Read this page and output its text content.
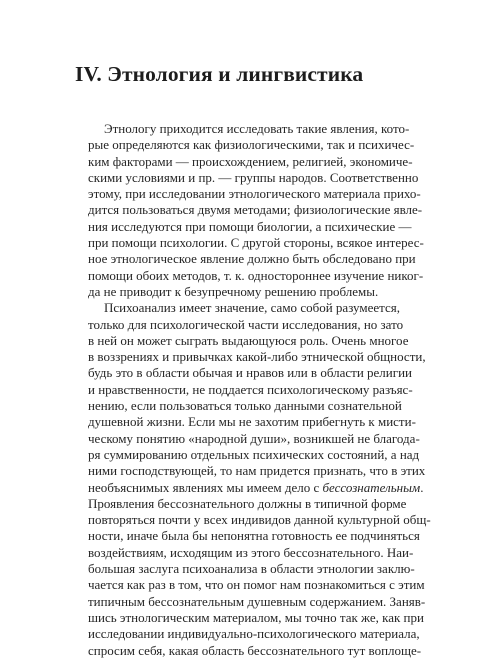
IV. Этнология и лингвистика
Этнологу приходится исследовать такие явления, кото-
рые определяются как физиологическими, так и психичес-
ким факторами — происхождением, религией, экономиче-
скими условиями и пр. — группы народов. Соответственно
этому, при исследовании этнологического материала прихо-
дится пользоваться двумя методами; физиологические явле-
ния исследуются при помощи биологии, а психические —
при помощи психологии. С другой стороны, всякое интерес-
ное этнологическое явление должно быть обследовано при
помощи обоих методов, т. к. одностороннее изучение никог-
да не приводит к безупречному решению проблемы.
Психоанализ имеет значение, само собой разумеется,
только для психологической части исследования, но зато
в ней он может сыграть выдающуюся роль. Очень многое
в воззрениях и привычках какой-либо этнической общности,
будь это в области обычая и нравов или в области религии
и нравственности, не поддается психологическому разъяс-
нению, если пользоваться только данными сознательной
душевной жизни. Если мы не захотим прибегнуть к мисти-
ческому понятию «народной души», возникшей не благода-
ря суммированию отдельных психических состояний, а над
ними господствующей, то нам придется признать, что в этих
необъяснимых явлениях мы имеем дело с бессознательным.
Проявления бессознательного должны в типичной форме
повторяться почти у всех индивидов данной культурной общ-
ности, иначе была бы непонятна готовность ее подчиняться
воздействиям, исходящим из этого бессознательного. Наи-
большая заслуга психоанализа в области этнологии заклю-
чается как раз в том, что он помог нам познакомиться с этим
типичным бессознательным душевным содержанием. Заняв-
шись этнологическим материалом, мы точно так же, как при
исследовании индивидуально-психологического материала,
спросим себя, какая область бессознательного тут воплоще-
